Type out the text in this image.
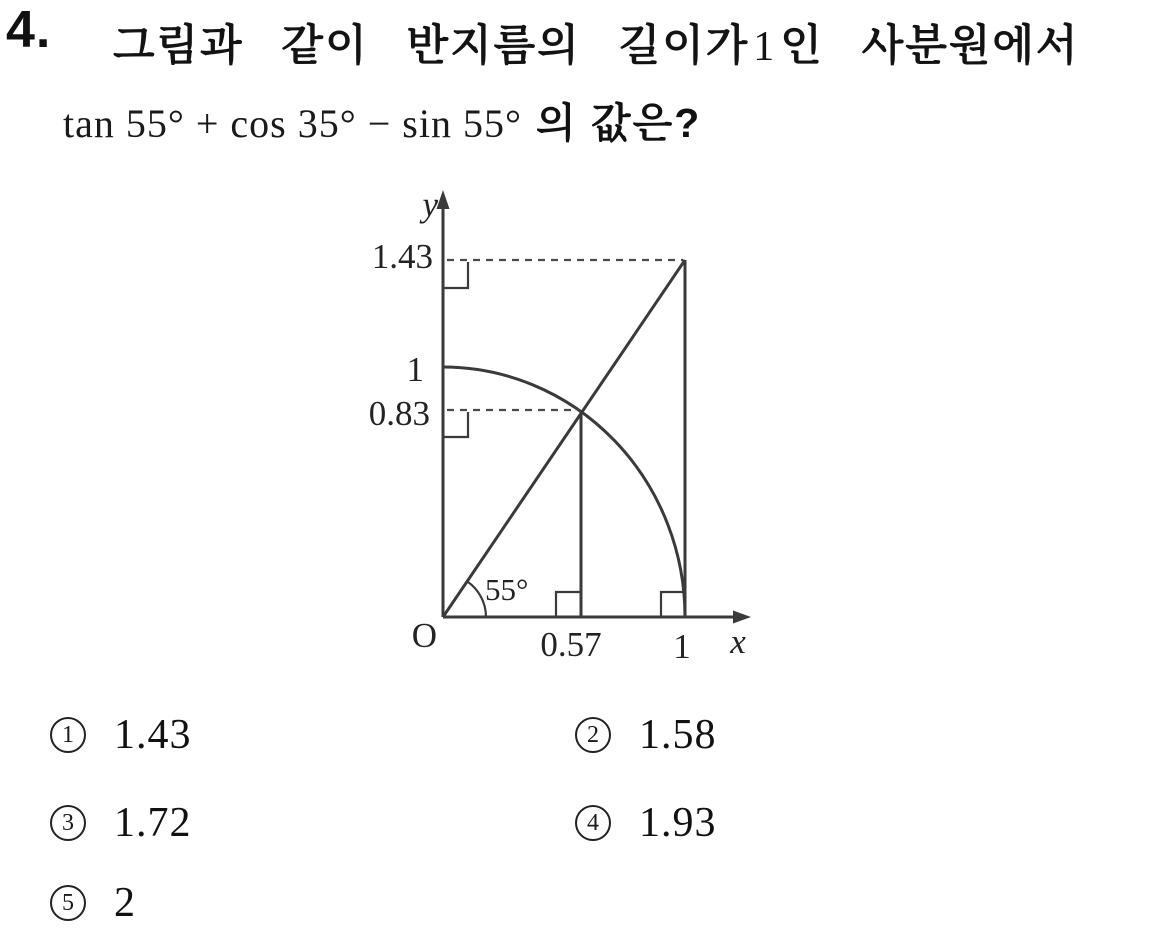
4. 그림과 같이 반지름의 길이가1인 사분원에서
tan 55° + cos 35° − sin 55° 의 값은?
y
x
O
1.43
1
0.83
0.57 1
55°
1 1.43	2 1.58
3 1.72	4 1.93
5 2
